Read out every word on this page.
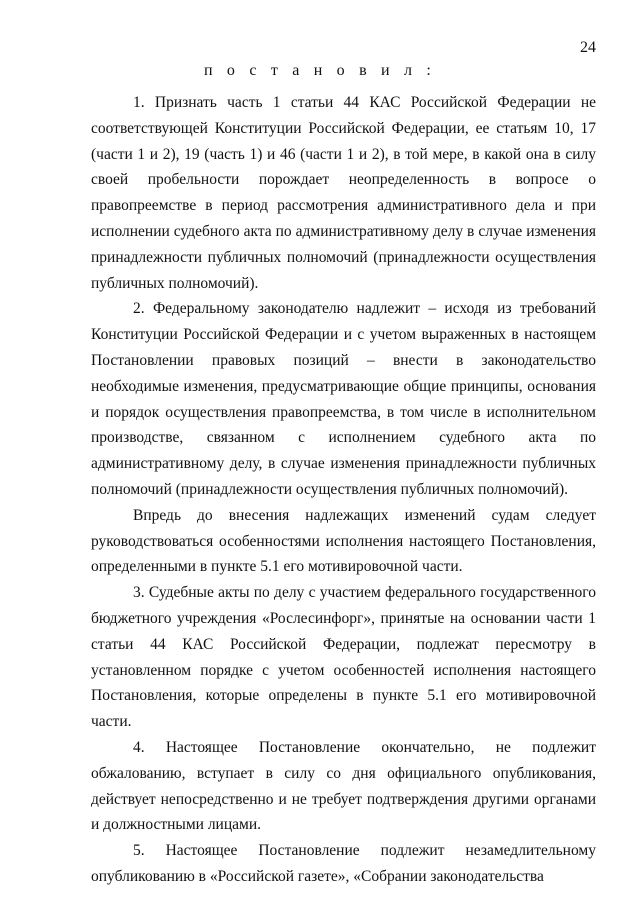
24
п о с т а н о в и л :

1. Признать часть 1 статьи 44 КАС Российской Федерации не соответствующей Конституции Российской Федерации, ее статьям 10, 17 (части 1 и 2), 19 (часть 1) и 46 (части 1 и 2), в той мере, в какой она в силу своей пробельности порождает неопределенность в вопросе о правопреемстве в период рассмотрения административного дела и при исполнении судебного акта по административному делу в случае изменения принадлежности публичных полномочий (принадлежности осуществления публичных полномочий).

2. Федеральному законодателю надлежит – исходя из требований Конституции Российской Федерации и с учетом выраженных в настоящем Постановлении правовых позиций – внести в законодательство необходимые изменения, предусматривающие общие принципы, основания и порядок осуществления правопреемства, в том числе в исполнительном производстве, связанном с исполнением судебного акта по административному делу, в случае изменения принадлежности публичных полномочий (принадлежности осуществления публичных полномочий).

Впредь до внесения надлежащих изменений судам следует руководствоваться особенностями исполнения настоящего Постановления, определенными в пункте 5.1 его мотивировочной части.

3. Судебные акты по делу с участием федерального государственного бюджетного учреждения «Рослесинфорг», принятые на основании части 1 статьи 44 КАС Российской Федерации, подлежат пересмотру в установленном порядке с учетом особенностей исполнения настоящего Постановления, которые определены в пункте 5.1 его мотивировочной части.

4. Настоящее Постановление окончательно, не подлежит обжалованию, вступает в силу со дня официального опубликования, действует непосредственно и не требует подтверждения другими органами и должностными лицами.

5. Настоящее Постановление подлежит незамедлительному опубликованию в «Российской газете», «Собрании законодательства
